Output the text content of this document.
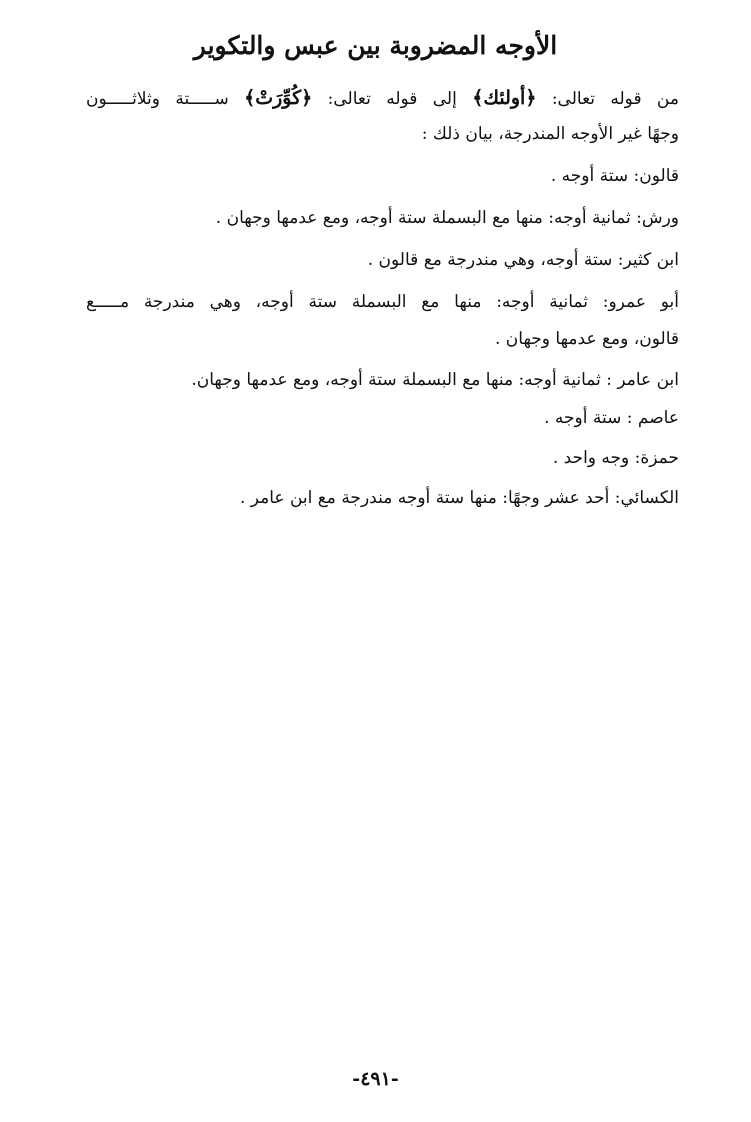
الأوجه المضروبة بين عبس والتكوير
من قوله تعالى: ﴿أولئك﴾ إلى قوله تعالى: ﴿كُوِّرَتْ﴾ ســـــتة وثلاثـــــون
وجهًا غير الأوجه المندرجة، بيان ذلك :
قالون: ستة أوجه .
ورش: ثمانية أوجه: منها مع البسملة ستة أوجه، ومع عدمها وجهان .
ابن كثير: ستة أوجه، وهي مندرجة مع قالون .
أبو عمرو: ثمانية أوجه: منها مع البسملة ستة أوجه، وهي مندرجة مـــــع
قالون، ومع عدمها وجهان .
ابن عامر : ثمانية أوجه: منها مع البسملة ستة أوجه، ومع عدمها وجهان.
عاصم : ستة أوجه .
حمزة: وجه واحد .
الكسائي: أحد عشر وجهًا: منها ستة أوجه مندرجة مع ابن عامر .
-٤٩١-
